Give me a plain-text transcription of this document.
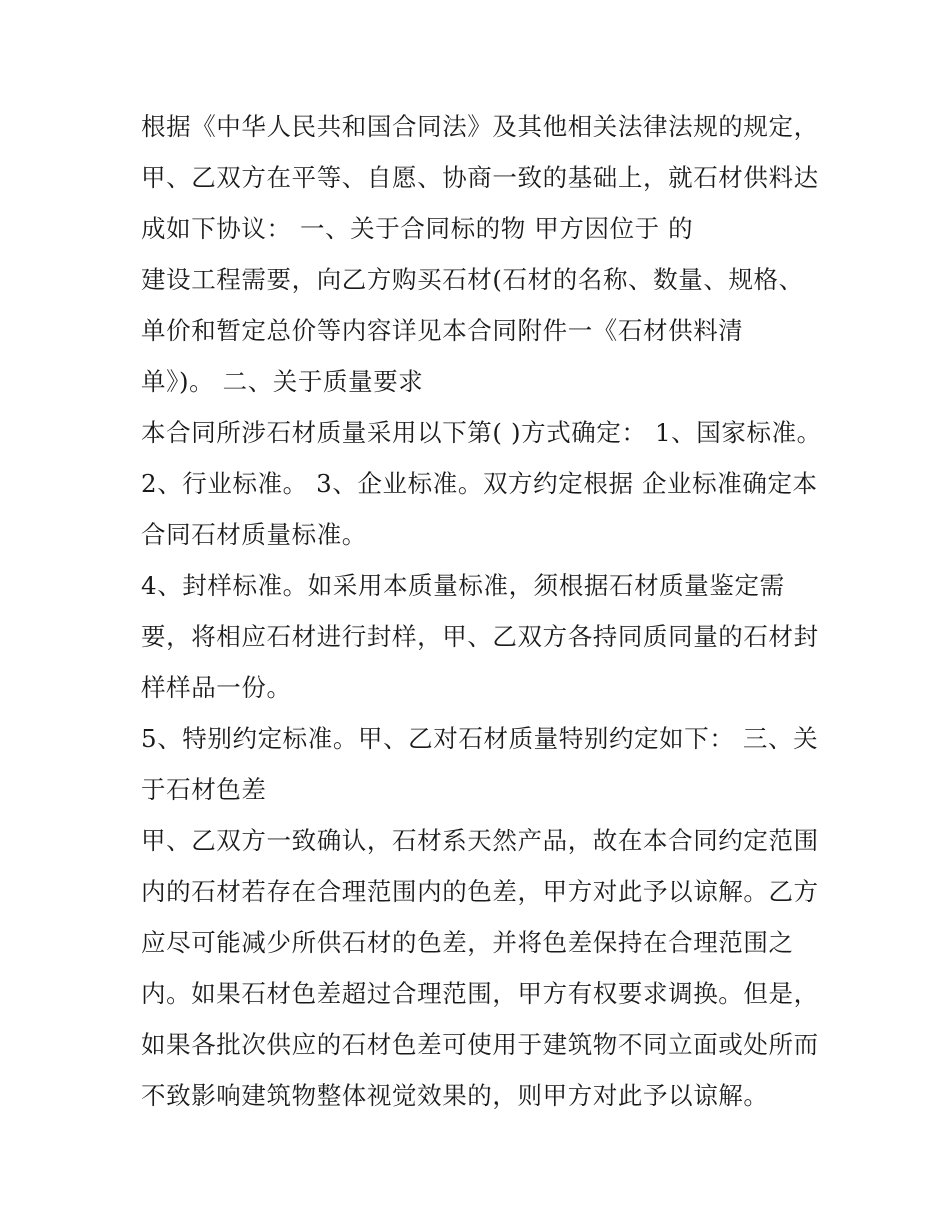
根据《中华人民共和国合同法》及其他相关法律法规的规定，

甲、乙双方在平等、自愿、协商一致的基础上，就石材供料达

成如下协议： 一、关于合同标的物 甲方因位于 的

建设工程需要，向乙方购买石材(石材的名称、数量、规格、

单价和暂定总价等内容详见本合同附件一《石材供料清

单》)。 二、关于质量要求

本合同所涉石材质量采用以下第( )方式确定： 1、国家标准。

2、行业标准。 3、企业标准。双方约定根据 企业标准确定本

合同石材质量标准。

4、封样标准。如采用本质量标准，须根据石材质量鉴定需

要，将相应石材进行封样，甲、乙双方各持同质同量的石材封

样样品一份。

5、特别约定标准。甲、乙对石材质量特别约定如下： 三、关

于石材色差

甲、乙双方一致确认，石材系天然产品，故在本合同约定范围

内的石材若存在合理范围内的色差，甲方对此予以谅解。乙方

应尽可能减少所供石材的色差，并将色差保持在合理范围之

内。如果石材色差超过合理范围，甲方有权要求调换。但是，

如果各批次供应的石材色差可使用于建筑物不同立面或处所而

不致影响建筑物整体视觉效果的，则甲方对此予以谅解。
